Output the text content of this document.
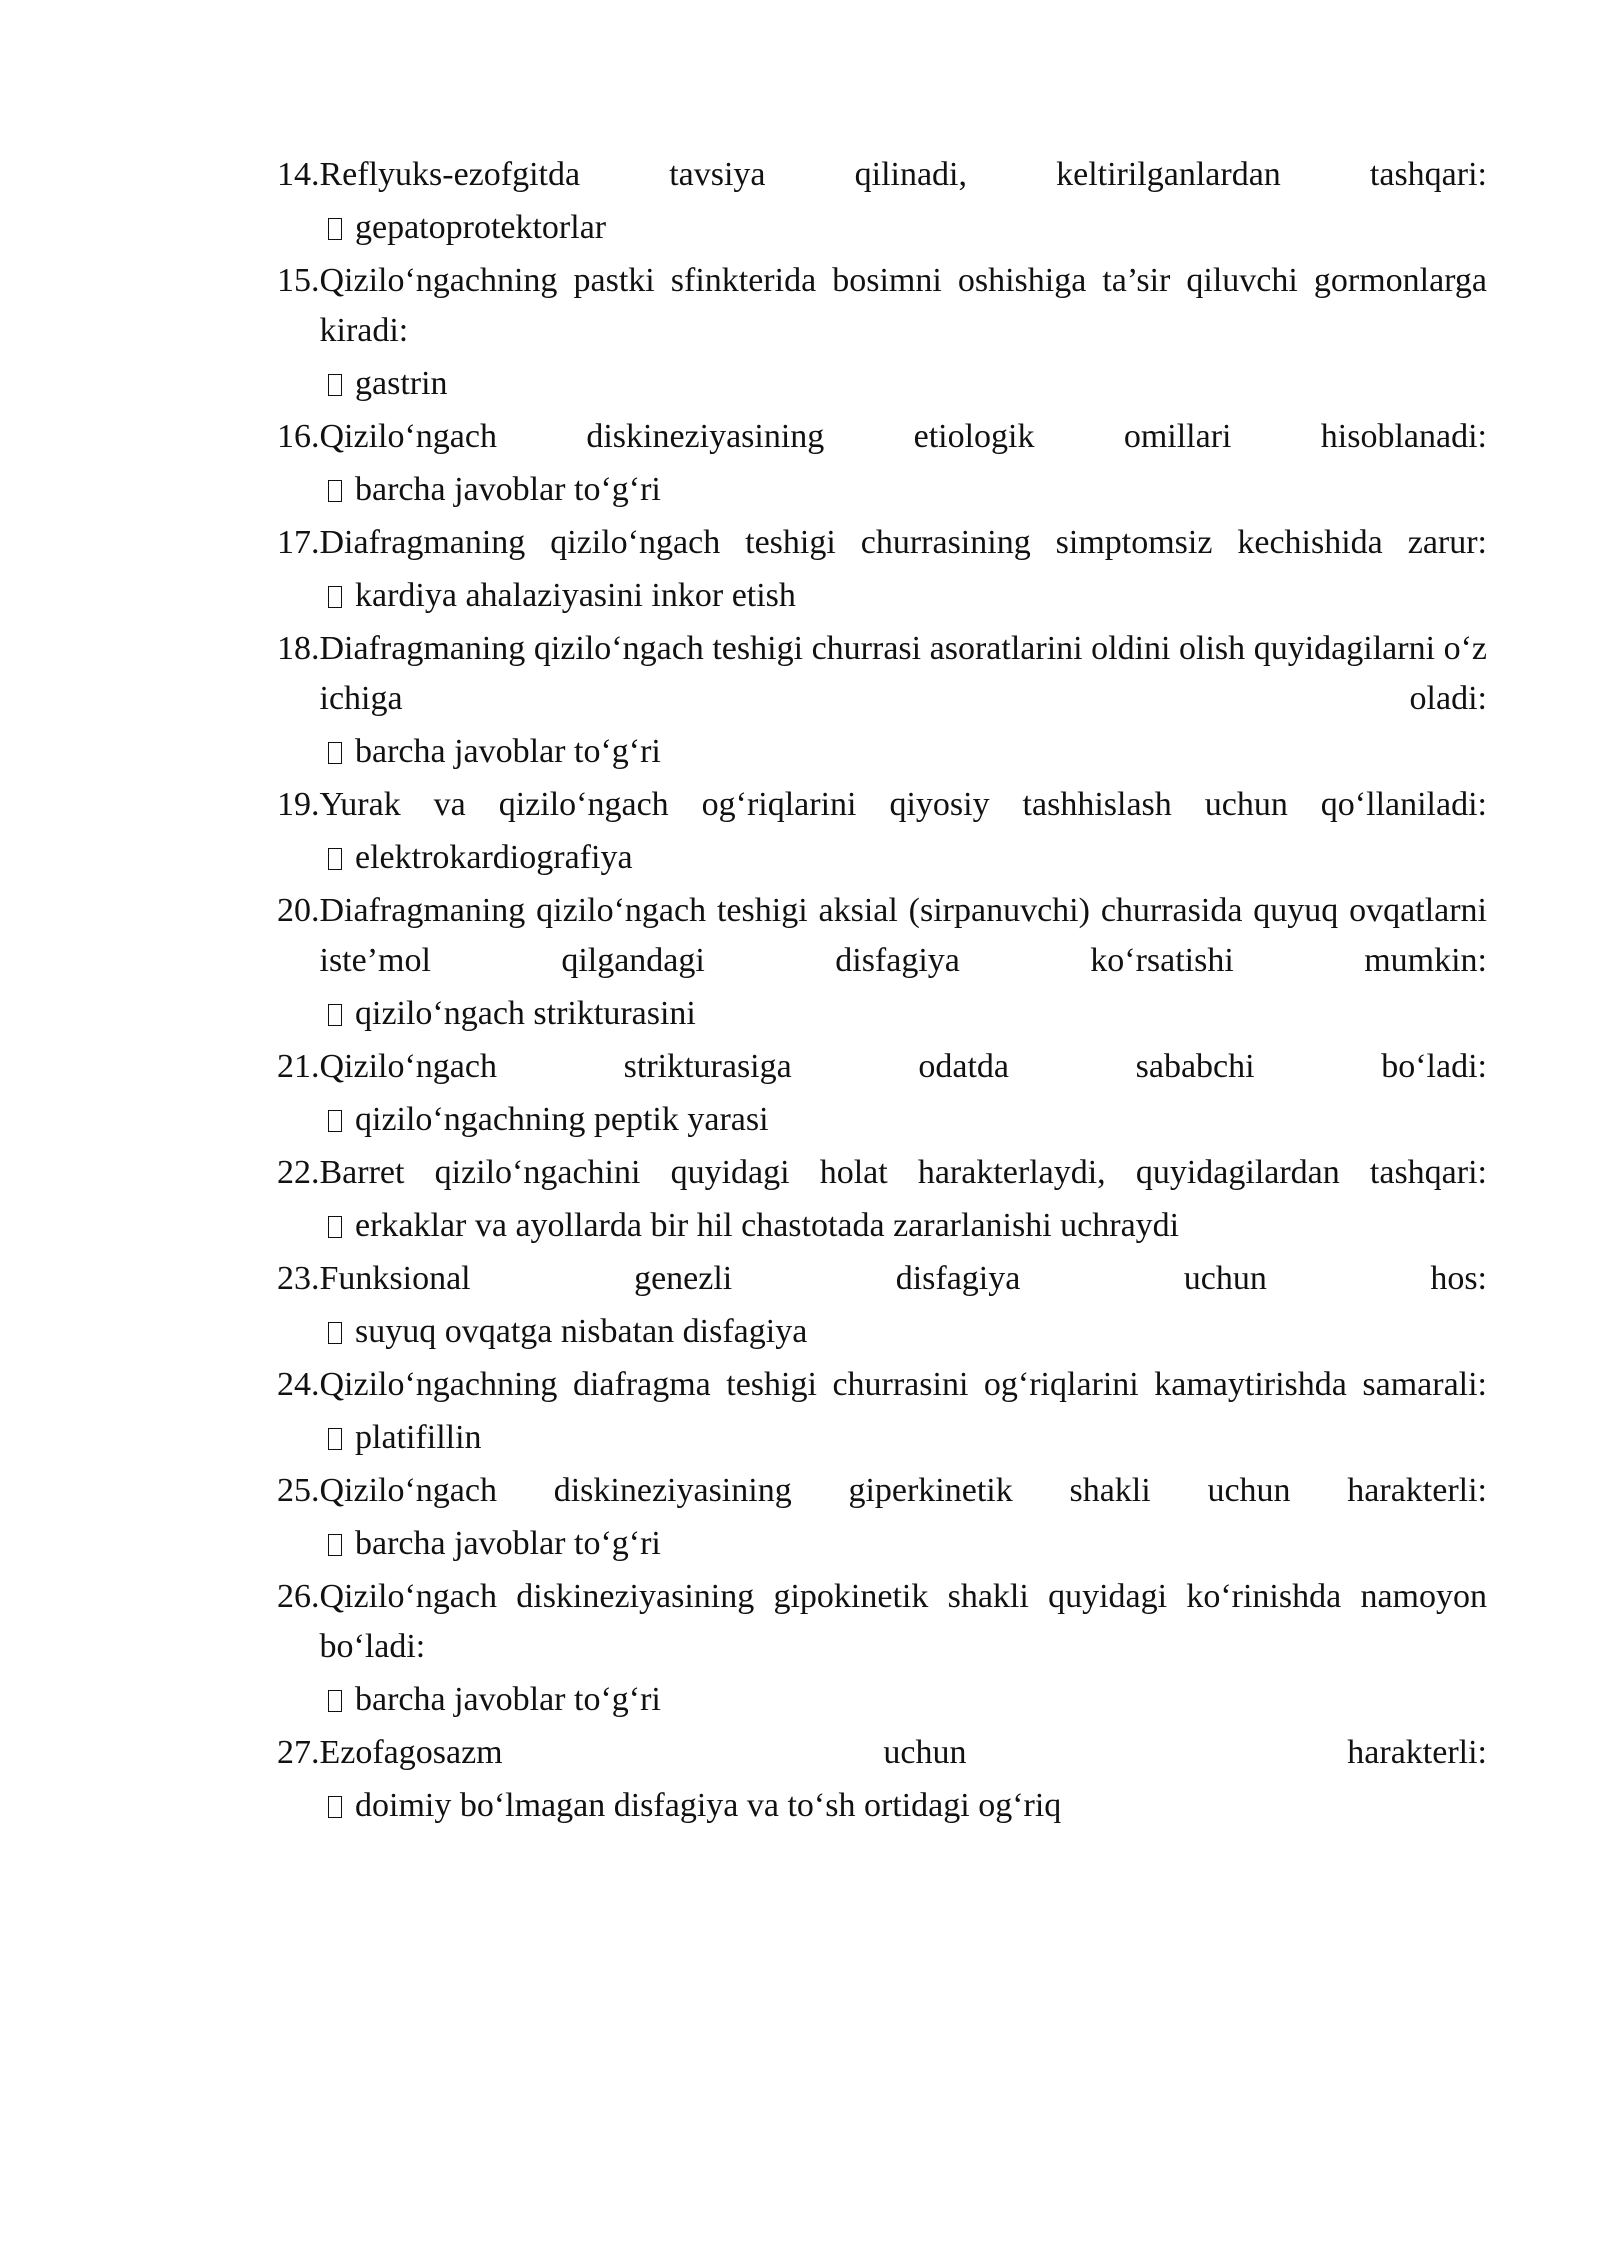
14. Reflyuks-ezofgitda tavsiya qilinadi, keltirilganlardan tashqari:
gepatoprotektorlar
15. Qizilo‘ngachning pastki sfinkterida bosimni oshishiga ta’sir qiluvchi gormonlarga kiradi:
gastrin
16. Qizilo‘ngach diskineziyasining etiologik omillari hisoblanadi:
barcha javoblar to‘g‘ri
17. Diafragmaning qizilo‘ngach teshigi churrasining simptomsiz kechishida zarur:
kardiya ahalaziyasini inkor etish
18. Diafragmaning qizilo‘ngach teshigi churrasi asoratlarini oldini olish quyidagilarni o‘z ichiga oladi:
barcha javoblar to‘g‘ri
19. Yurak va qizilo‘ngach og‘riqlarini qiyosiy tashhislash uchun qo‘llaniladi:
elektrokardiografiya
20. Diafragmaning qizilo‘ngach teshigi aksial (sirpanuvchi) churrasida quyuq ovqatlarni iste’mol qilgandagi disfagiya ko‘rsatishi mumkin:
qizilo‘ngach strikturasini
21. Qizilo‘ngach strikturasiga odatda sababchi bo‘ladi:
qizilo‘ngachning peptik yarasi
22. Barret qizilo‘ngachini quyidagi holat harakterlaydi, quyidagilardan tashqari:
erkaklar va ayollarda bir hil chastotada zararlanishi uchraydi
23. Funksional genezli disfagiya uchun hos:
suyuq ovqatga nisbatan disfagiya
24. Qizilo‘ngachning diafragma teshigi churrasini og‘riqlarini kamaytirishda samarali:
platifillin
25. Qizilo‘ngach diskineziyasining giperkinetik shakli uchun harakterli:
barcha javoblar to‘g‘ri
26. Qizilo‘ngach diskineziyasining gipokinetik shakli quyidagi ko‘rinishda namoyon bo‘ladi:
barcha javoblar to‘g‘ri
27. Ezofagosazm uchun harakterli:
doimiy bo‘lmagan disfagiya va to‘sh ortidagi og‘riq
